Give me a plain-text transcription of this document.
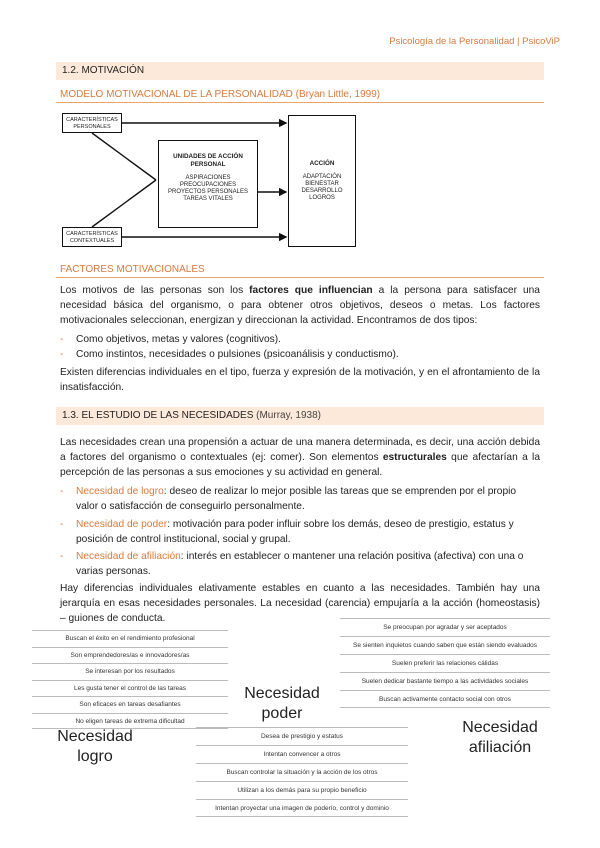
Psicología de la Personalidad | PsicoViP
1.2. MOTIVACIÓN
MODELO MOTIVACIONAL DE LA PERSONALIDAD (Bryan Little, 1999)
CARACTERÍSTICAS PERSONALES
CARACTERÍSTICAS CONTEXTUALES
UNIDADES DE ACCIÓN PERSONAL
ASPIRACIONES
PREOCUPACIONES
PROYECTOS PERSONALES
TAREAS VITALES
ACCIÓN
ADAPTACIÓN
BIENESTAR
DESARROLLO
LOGROS
FACTORES MOTIVACIONALES
Los motivos de las personas son los factores que influencian a la persona para satisfacer una necesidad básica del organismo, o para obtener otros objetivos, deseos o metas. Los factores motivacionales seleccionan, energizan y direccionan la actividad. Encontramos de dos tipos:
- Como objetivos, metas y valores (cognitivos).
- Como instintos, necesidades o pulsiones (psicoanálisis y conductismo).
Existen diferencias individuales en el tipo, fuerza y expresión de la motivación, y en el afrontamiento de la insatisfacción.
1.3. EL ESTUDIO DE LAS NECESIDADES (Murray, 1938)
Las necesidades crean una propensión a actuar de una manera determinada, es decir, una acción debida a factores del organismo o contextuales (ej: comer). Son elementos estructurales que afectarían a la percepción de las personas a sus emociones y su actividad en general.
-	Necesidad de logro: deseo de realizar lo mejor posible las tareas que se emprenden por el propio valor o satisfacción de conseguirlo personalmente.
-	Necesidad de poder: motivación para poder influir sobre los demás, deseo de prestigio, estatus y posición de control institucional, social y grupal.
-	Necesidad de afiliación: interés en establecer o mantener una relación positiva (afectiva) con una o varias personas.
Hay diferencias individuales elativamente estables en cuanto a las necesidades. También hay una jerarquía en esas necesidades personales. La necesidad (carencia) empujaría a la acción (homeostasis) – guiones de conducta.
Buscan el éxito en el rendimiento profesional
Son emprendedores/as e innovadores/as
Se interesan por los resultados
Les gusta tener el control de las tareas
Son eficaces en tareas desafiantes
No eligen tareas de extrema dificultad
Necesidad
logro
Necesidad
poder
Desea de prestigio y estatus
Intentan convencer a otros
Buscan controlar la situación y la acción de los otros
Utilizan a los demás para su propio beneficio
Intentan proyectar una imagen de poderío, control y dominio
Se preocupan por agradar y ser aceptados
Se sienten inquietos cuando saben que están siendo evaluados
Suelen preferir las relaciones cálidas
Suelen dedicar bastante tiempo a las actividades sociales
Buscan activamente contacto social con otros
Necesidad
afiliación
